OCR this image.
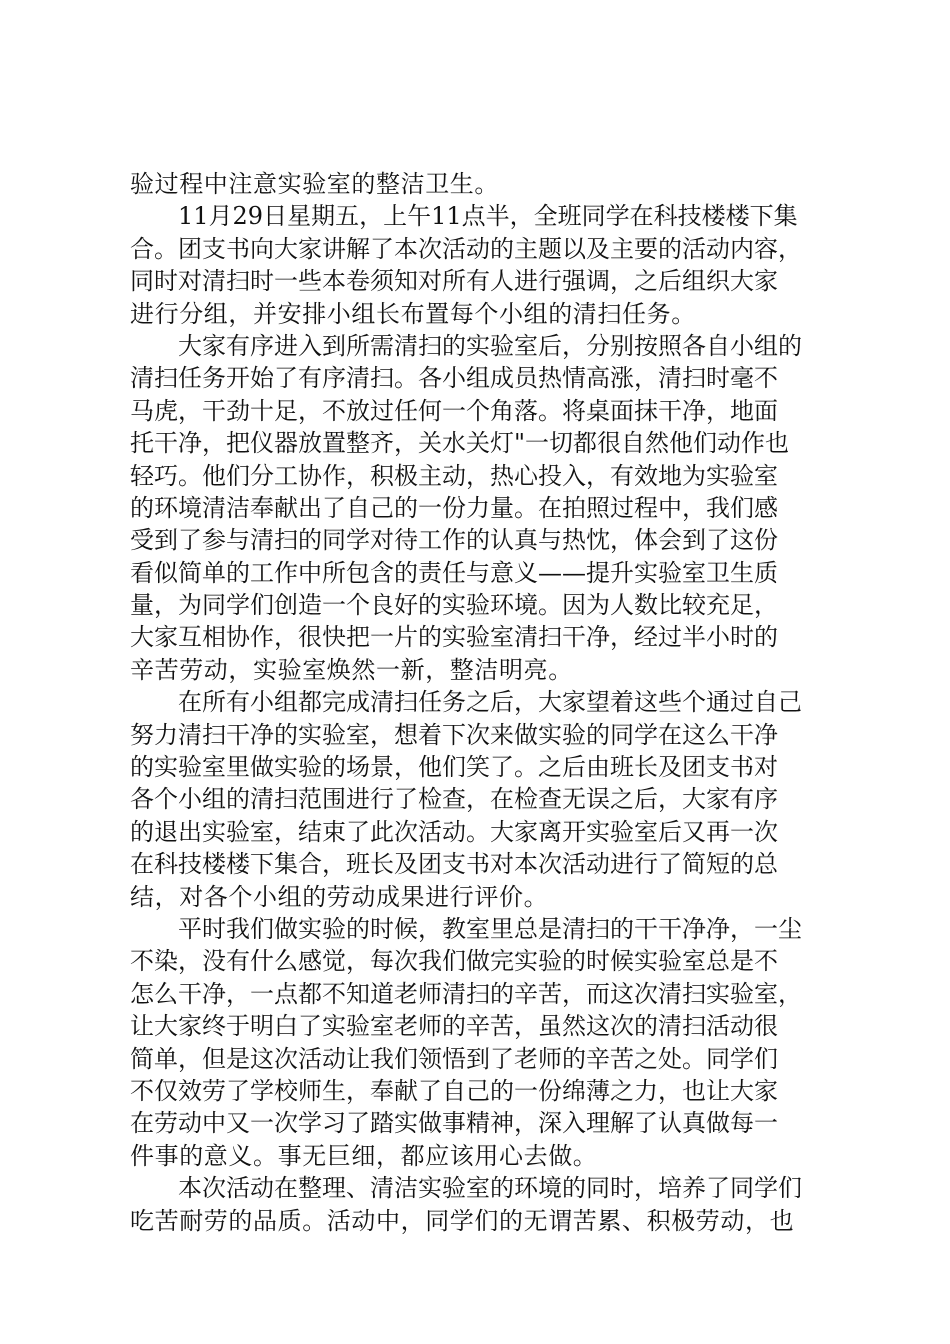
验过程中注意实验室的整洁卫生。
11月29日星期五，上午11点半，全班同学在科技楼楼下集
合。团支书向大家讲解了本次活动的主题以及主要的活动内容，
同时对清扫时一些本卷须知对所有人进行强调，之后组织大家
进行分组，并安排小组长布置每个小组的清扫任务。
大家有序进入到所需清扫的实验室后，分别按照各自小组的
清扫任务开始了有序清扫。各小组成员热情高涨，清扫时毫不
马虎，干劲十足，不放过任何一个角落。将桌面抹干净，地面
托干净，把仪器放置整齐，关水关灯"一切都很自然他们动作也
轻巧。他们分工协作，积极主动，热心投入，有效地为实验室
的环境清洁奉献出了自己的一份力量。在拍照过程中，我们感
受到了参与清扫的同学对待工作的认真与热忱，体会到了这份
看似简单的工作中所包含的责任与意义——提升实验室卫生质
量，为同学们创造一个良好的实验环境。因为人数比较充足，
大家互相协作，很快把一片的实验室清扫干净，经过半小时的
辛苦劳动，实验室焕然一新，整洁明亮。
在所有小组都完成清扫任务之后，大家望着这些个通过自己
努力清扫干净的实验室，想着下次来做实验的同学在这么干净
的实验室里做实验的场景，他们笑了。之后由班长及团支书对
各个小组的清扫范围进行了检查，在检查无误之后，大家有序
的退出实验室，结束了此次活动。大家离开实验室后又再一次
在科技楼楼下集合，班长及团支书对本次活动进行了简短的总
结，对各个小组的劳动成果进行评价。
平时我们做实验的时候，教室里总是清扫的干干净净，一尘
不染，没有什么感觉，每次我们做完实验的时候实验室总是不
怎么干净，一点都不知道老师清扫的辛苦，而这次清扫实验室，
让大家终于明白了实验室老师的辛苦，虽然这次的清扫活动很
简单，但是这次活动让我们领悟到了老师的辛苦之处。同学们
不仅效劳了学校师生，奉献了自己的一份绵薄之力，也让大家
在劳动中又一次学习了踏实做事精神，深入理解了认真做每一
件事的意义。事无巨细，都应该用心去做。
本次活动在整理、清洁实验室的环境的同时，培养了同学们
吃苦耐劳的品质。活动中，同学们的无谓苦累、积极劳动，也
